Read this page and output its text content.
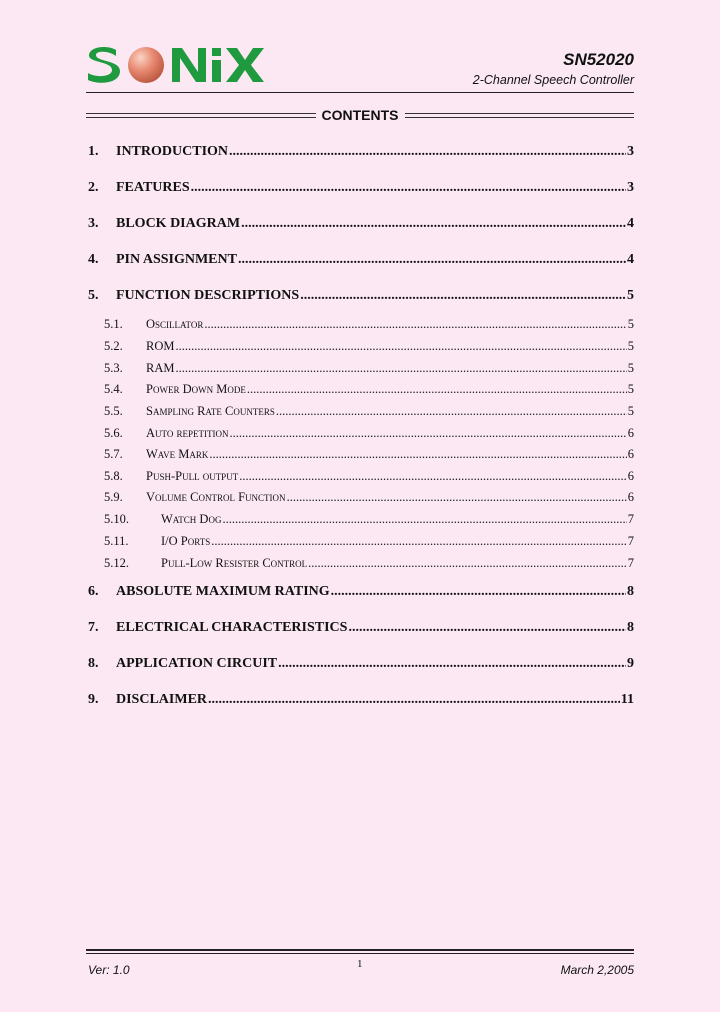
SN52020
2-Channel Speech Controller
CONTENTS
1.	INTRODUCTION .....	3
2.	FEATURES .....	3
3.	BLOCK DIAGRAM .....	4
4.	PIN ASSIGNMENT .....	4
5.	FUNCTION DESCRIPTIONS .....	5
5.1.	Oscillator .....	5
5.2.	ROM .....	5
5.3.	RAM .....	5
5.4.	Power Down Mode .....	5
5.5.	Sampling Rate Counters .....	5
5.6.	Auto repetition .....	6
5.7.	Wave Mark .....	6
5.8.	Push-Pull output .....	6
5.9.	Volume Control Function .....	6
5.10.	Watch Dog .....	7
5.11.	I/O Ports .....	7
5.12.	Pull-Low Resister Control .....	7
6.	ABSOLUTE MAXIMUM RATING .....	8
7.	ELECTRICAL CHARACTERISTICS .....	8
8.	APPLICATION CIRCUIT .....	9
9.	DISCLAIMER .....	11
Ver: 1.0	1	March 2,2005
